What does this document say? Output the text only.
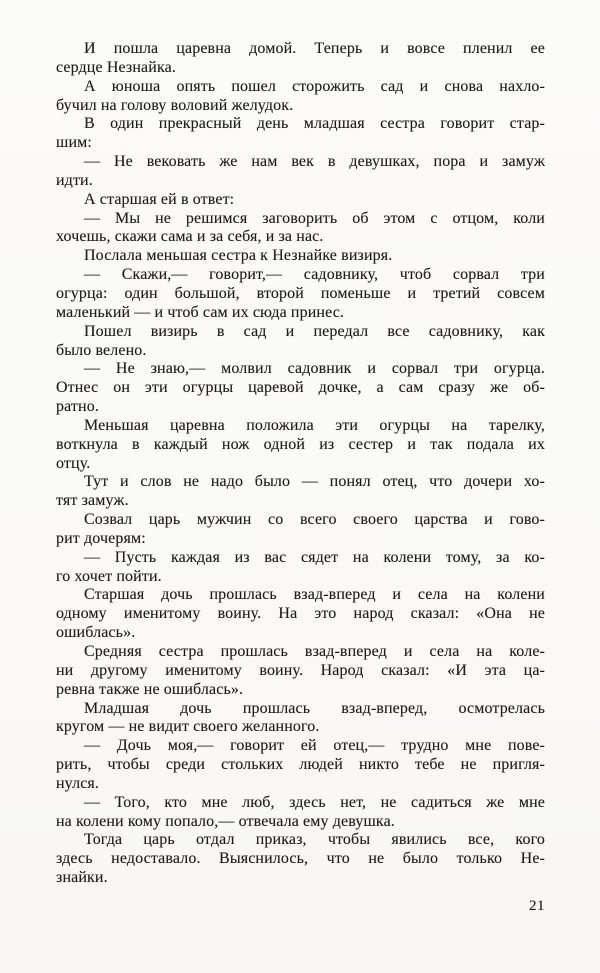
И пошла царевна домой. Теперь и вовсе пленил ее
сердце Незнайка.
А юноша опять пошел сторожить сад и снова нахло-
бучил на голову воловий желудок.
В один прекрасный день младшая сестра говорит стар-
шим:
— Не вековать же нам век в девушках, пора и замуж
идти.
А старшая ей в ответ:
— Мы не решимся заговорить об этом с отцом, коли
хочешь, скажи сама и за себя, и за нас.
Послала меньшая сестра к Незнайке визиря.
— Скажи,— говорит,— садовнику, чтоб сорвал три
огурца: один большой, второй поменьше и третий совсем
маленький — и чтоб сам их сюда принес.
Пошел визирь в сад и передал все садовнику, как
было велено.
— Не знаю,— молвил садовник и сорвал три огурца.
Отнес он эти огурцы царевой дочке, а сам сразу же об-
ратно.
Меньшая царевна положила эти огурцы на тарелку,
воткнула в каждый нож одной из сестер и так подала их
отцу.
Тут и слов не надо было — понял отец, что дочери хо-
тят замуж.
Созвал царь мужчин со всего своего царства и гово-
рит дочерям:
— Пусть каждая из вас сядет на колени тому, за ко-
го хочет пойти.
Старшая дочь прошлась взад-вперед и села на колени
одному именитому воину. На это народ сказал: «Она не
ошиблась».
Средняя сестра прошлась взад-вперед и села на коле-
ни другому именитому воину. Народ сказал: «И эта ца-
ревна также не ошиблась».
Младшая дочь прошлась взад-вперед, осмотрелась
кругом — не видит своего желанного.
— Дочь моя,— говорит ей отец,— трудно мне пове-
рить, чтобы среди стольких людей никто тебе не пригля-
нулся.
— Того, кто мне люб, здесь нет, не садиться же мне
на колени кому попало,— отвечала ему девушка.
Тогда царь отдал приказ, чтобы явились все, кого
здесь недоставало. Выяснилось, что не было только Не-
знайки.
21
